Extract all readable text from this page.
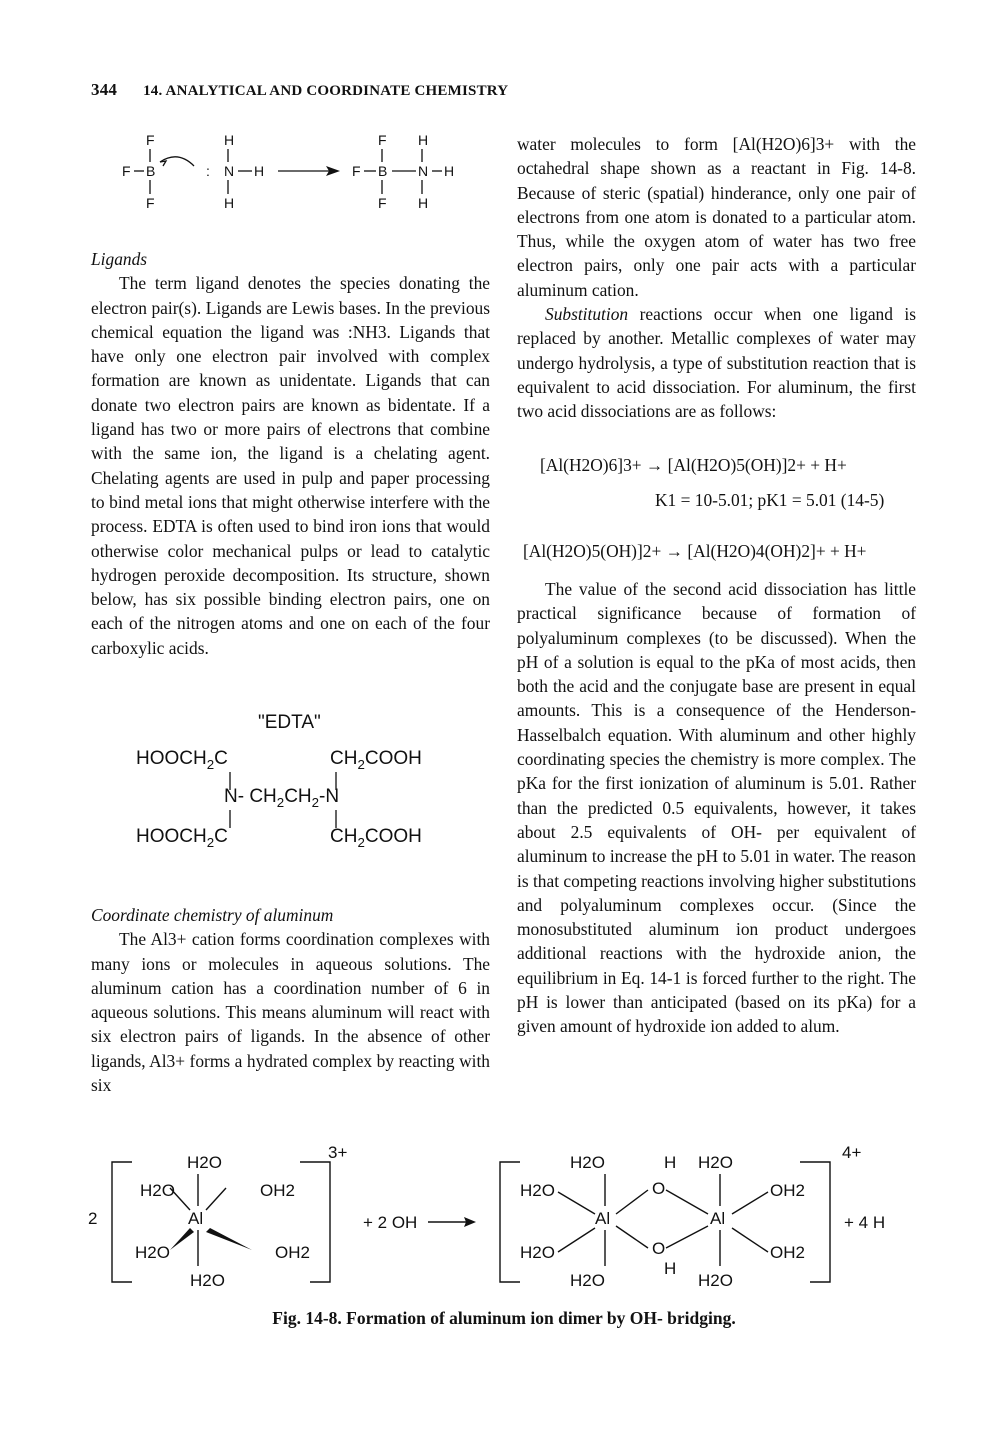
344 14. ANALYTICAL AND COORDINATE CHEMISTRY
F
F B
F
:
H
N H
H
F
F B
F
H
N H
H

Ligands

The term ligand denotes the species donating the electron pair(s). Ligands are Lewis bases. In the previous chemical equation the ligand was :NH3. Ligands that have only one electron pair involved with complex formation are known as unidentate. Ligands that can donate two electron pairs are known as bidentate. If a ligand has two or more pairs of electrons that combine with the same ion, the ligand is a chelating agent. Chelating agents are used in pulp and paper processing to bind metal ions that might otherwise interfere with the process. EDTA is often used to bind iron ions that would otherwise color mechanical pulps or lead to catalytic hydrogen peroxide decomposition. Its structure, shown below, has six possible binding electron pairs, one on each of the nitrogen atoms and one on each of the four carboxylic acids.

"EDTA"
$HOOCH_2C$	$CH_2COOH$
N- $CH_2CH_2-N$
$HOOCH_2C$	$CH_2COOH$

Coordinate chemistry of aluminum

The Al3+ cation forms coordination complexes with many ions or molecules in aqueous solutions. The aluminum cation has a coordination number of 6 in aqueous solutions. This means aluminum will react with six electron pairs of ligands. In the absence of other ligands, Al3+ forms a hydrated complex by reacting with six

water molecules to form [Al(H2O)6]3+ with the octahedral shape shown as a reactant in Fig. 14-8. Because of steric (spatial) hinderance, only one pair of electrons from one atom is donated to a particular atom. Thus, while the oxygen atom of water has two free electron pairs, only one pair acts with a particular aluminum cation.

Substitution reactions occur when one ligand is replaced by another. Metallic complexes of water may undergo hydrolysis, a type of substitution reaction that is equivalent to acid dissociation. For aluminum, the first two acid dissociations are as follows:

[Al(H2O)6]3+ → [Al(H2O)5(OH)]2+ + H+
K1 = 10-5.01; pK1 = 5.01 (14-5)
[Al(H2O)5(OH)]2+ → [Al(H2O)4(OH)2]+ + H+

The value of the second acid dissociation has little practical significance because of formation of polyaluminum complexes (to be discussed). When the pH of a solution is equal to the pKa of most acids, then both the acid and the conjugate base are present in equal amounts. This is a consequence of the Henderson-Hasselbalch equation. With aluminum and other highly coordinating species the chemistry is more complex. The pKa for the first ionization of aluminum is 5.01. Rather than the predicted 0.5 equivalents, however, it takes about 2.5 equivalents of OH- per equivalent of aluminum to increase the pH to 5.01 in water. The reason is that competing reactions involving higher substitutions and polyaluminum complexes occur. (Since the monosubstituted aluminum ion product undergoes additional reactions with the hydroxide anion, the equilibrium in Eq. 14-1 is forced further to the right. The pH is lower than anticipated (based on its pKa) for a given amount of hydroxide ion added to alum.

2
3+	4+
+ 2 OH	+ 4 H
Al
H2O
H2O	OH2
H2O	OH2
H2O
Al	Al
O
O
H
H
H2O	H2O
H2O
H2O
OH2
OH2
H2O	H2O
Fig. 14-8. Formation of aluminum ion dimer by OH- bridging.
